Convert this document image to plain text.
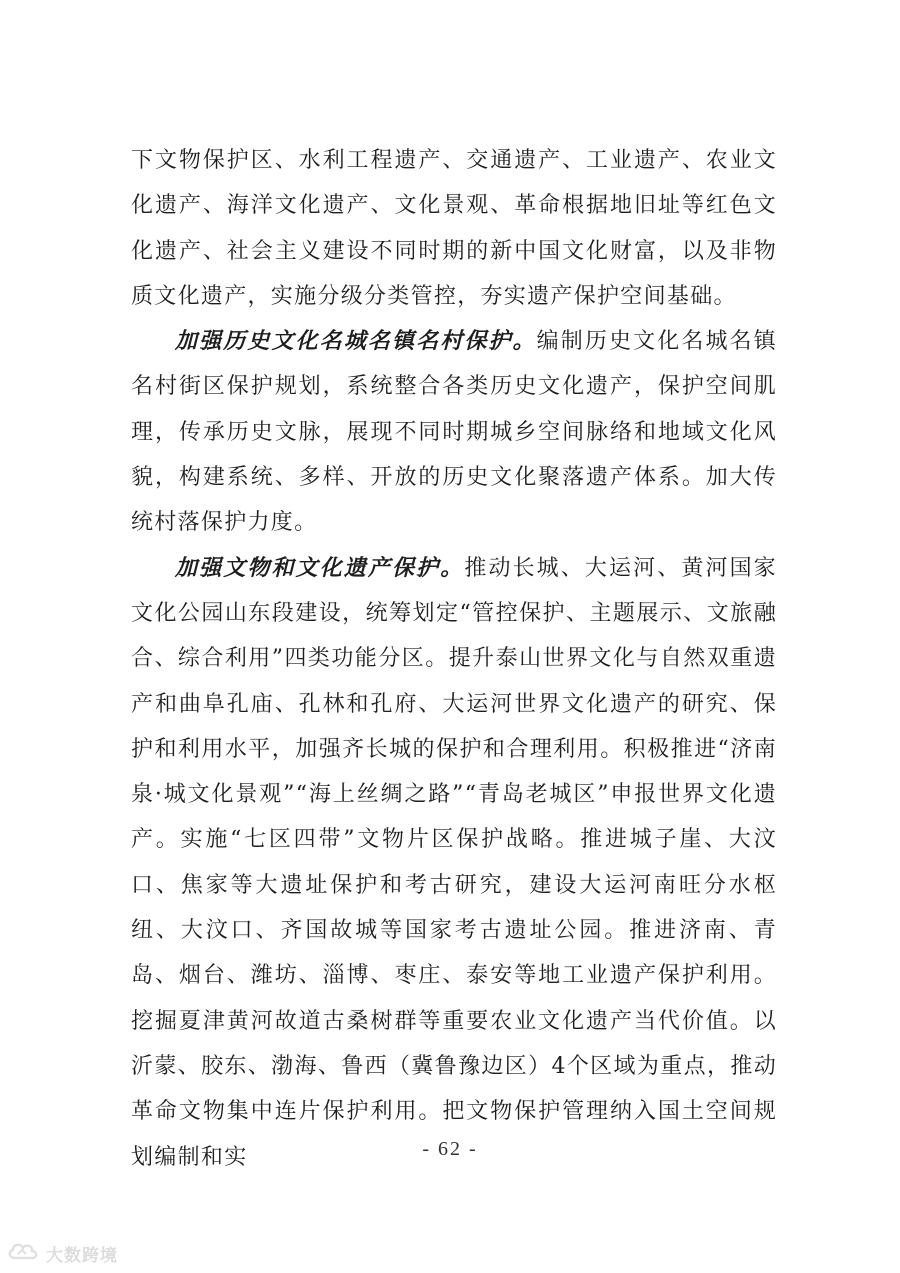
下文物保护区、水利工程遗产、交通遗产、工业遗产、农业文化遗产、海洋文化遗产、文化景观、革命根据地旧址等红色文化遗产、社会主义建设不同时期的新中国文化财富，以及非物质文化遗产，实施分级分类管控，夯实遗产保护空间基础。

加强历史文化名城名镇名村保护。编制历史文化名城名镇名村街区保护规划，系统整合各类历史文化遗产，保护空间肌理，传承历史文脉，展现不同时期城乡空间脉络和地域文化风貌，构建系统、多样、开放的历史文化聚落遗产体系。加大传统村落保护力度。

加强文物和文化遗产保护。推动长城、大运河、黄河国家文化公园山东段建设，统筹划定“管控保护、主题展示、文旅融合、综合利用”四类功能分区。提升泰山世界文化与自然双重遗产和曲阜孔庙、孔林和孔府、大运河世界文化遗产的研究、保护和利用水平，加强齐长城的保护和合理利用。积极推进“济南泉·城文化景观”“海上丝绸之路”“青岛老城区”申报世界文化遗产。实施“七区四带”文物片区保护战略。推进城子崖、大汶口、焦家等大遗址保护和考古研究，建设大运河南旺分水枢纽、大汶口、齐国故城等国家考古遗址公园。推进济南、青岛、烟台、潍坊、淄博、枣庄、泰安等地工业遗产保护利用。挖掘夏津黄河故道古桑树群等重要农业文化遗产当代价值。以沂蒙、胶东、渤海、鲁西（冀鲁豫边区）4个区域为重点，推动革命文物集中连片保护利用。把文物保护管理纳入国土空间规划编制和实	- 62 -
大数跨境
